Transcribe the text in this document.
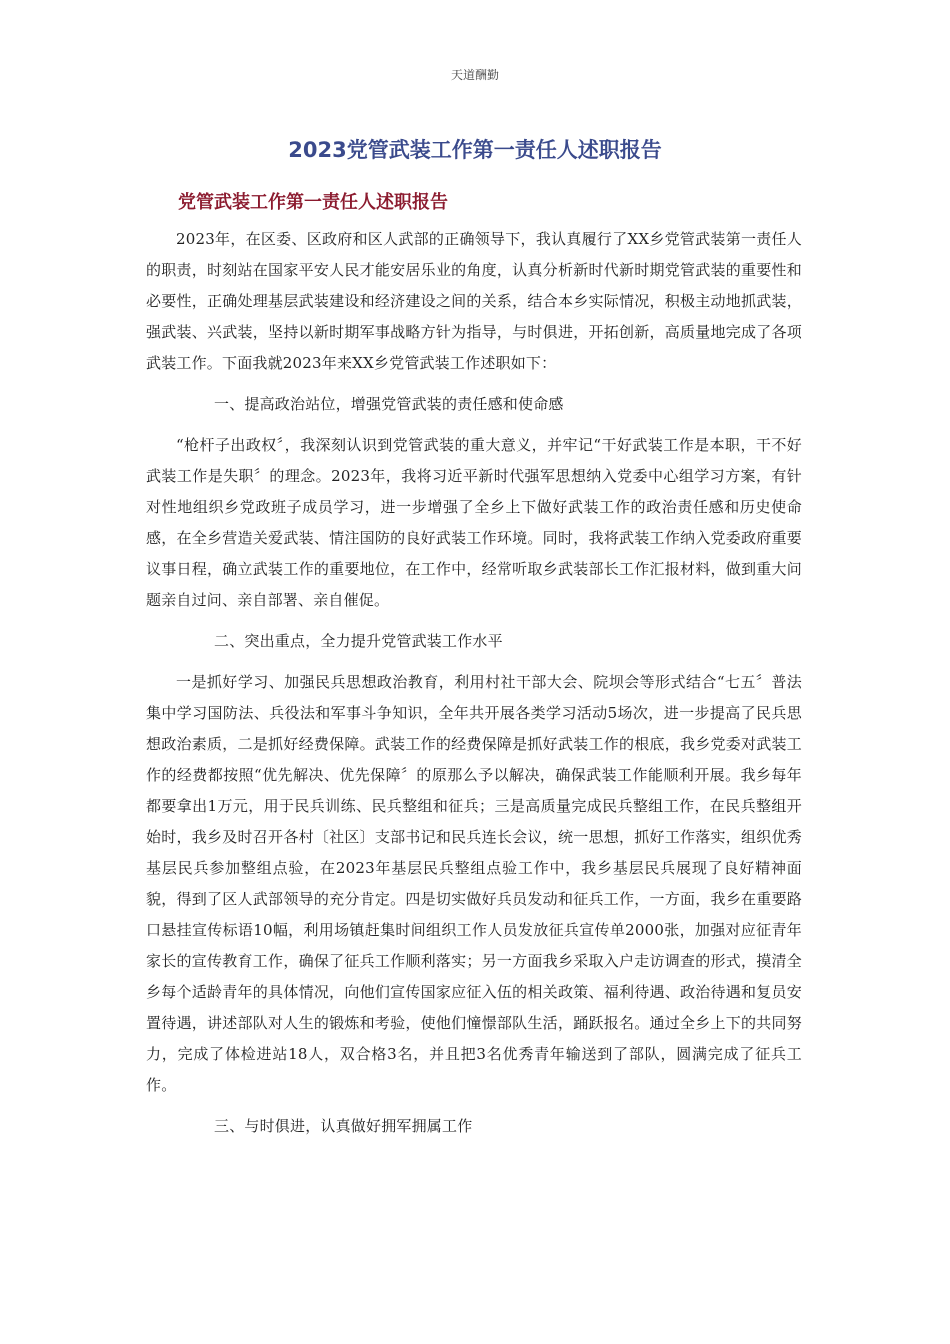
天道酬勤
2023党管武装工作第一责任人述职报告
党管武装工作第一责任人述职报告

2023年，在区委、区政府和区人武部的正确领导下，我认真履行了XX乡党管武装第一责任人的职责，时刻站在国家平安人民才能安居乐业的角度，认真分析新时代新时期党管武装的重要性和必要性，正确处理基层武装建设和经济建设之间的关系，结合本乡实际情况，积极主动地抓武装，强武装、兴武装，坚持以新时期军事战略方针为指导，与时俱进，开拓创新，高质量地完成了各项武装工作。下面我就2023年来XX乡党管武装工作述职如下：

一、提高政治站位，增强党管武装的责任感和使命感

“枪杆子出政权〞，我深刻认识到党管武装的重大意义，并牢记“干好武装工作是本职，干不好武装工作是失职〞的理念。2023年，我将习近平新时代强军思想纳入党委中心组学习方案，有针对性地组织乡党政班子成员学习，进一步增强了全乡上下做好武装工作的政治责任感和历史使命感，在全乡营造关爱武装、情注国防的良好武装工作环境。同时，我将武装工作纳入党委政府重要议事日程，确立武装工作的重要地位，在工作中，经常听取乡武装部长工作汇报材料，做到重大问题亲自过问、亲自部署、亲自催促。

二、突出重点，全力提升党管武装工作水平

一是抓好学习、加强民兵思想政治教育，利用村社干部大会、院坝会等形式结合“七五〞普法集中学习国防法、兵役法和军事斗争知识，全年共开展各类学习活动5场次，进一步提高了民兵思想政治素质，二是抓好经费保障。武装工作的经费保障是抓好武装工作的根底，我乡党委对武装工作的经费都按照“优先解决、优先保障〞的原那么予以解决，确保武装工作能顺利开展。我乡每年都要拿出1万元，用于民兵训练、民兵整组和征兵；三是高质量完成民兵整组工作，在民兵整组开始时，我乡及时召开各村〔社区〕支部书记和民兵连长会议，统一思想，抓好工作落实，组织优秀基层民兵参加整组点验，在2023年基层民兵整组点验工作中，我乡基层民兵展现了良好精神面貌，得到了区人武部领导的充分肯定。四是切实做好兵员发动和征兵工作，一方面，我乡在重要路口悬挂宣传标语10幅，利用场镇赶集时间组织工作人员发放征兵宣传单2000张，加强对应征青年家长的宣传教育工作，确保了征兵工作顺利落实；另一方面我乡采取入户走访调查的形式，摸清全乡每个适龄青年的具体情况，向他们宣传国家应征入伍的相关政策、福利待遇、政治待遇和复员安置待遇，讲述部队对人生的锻炼和考验，使他们憧憬部队生活，踊跃报名。通过全乡上下的共同努力，完成了体检进站18人，双合格3名，并且把3名优秀青年输送到了部队，圆满完成了征兵工作。

三、与时俱进，认真做好拥军拥属工作
